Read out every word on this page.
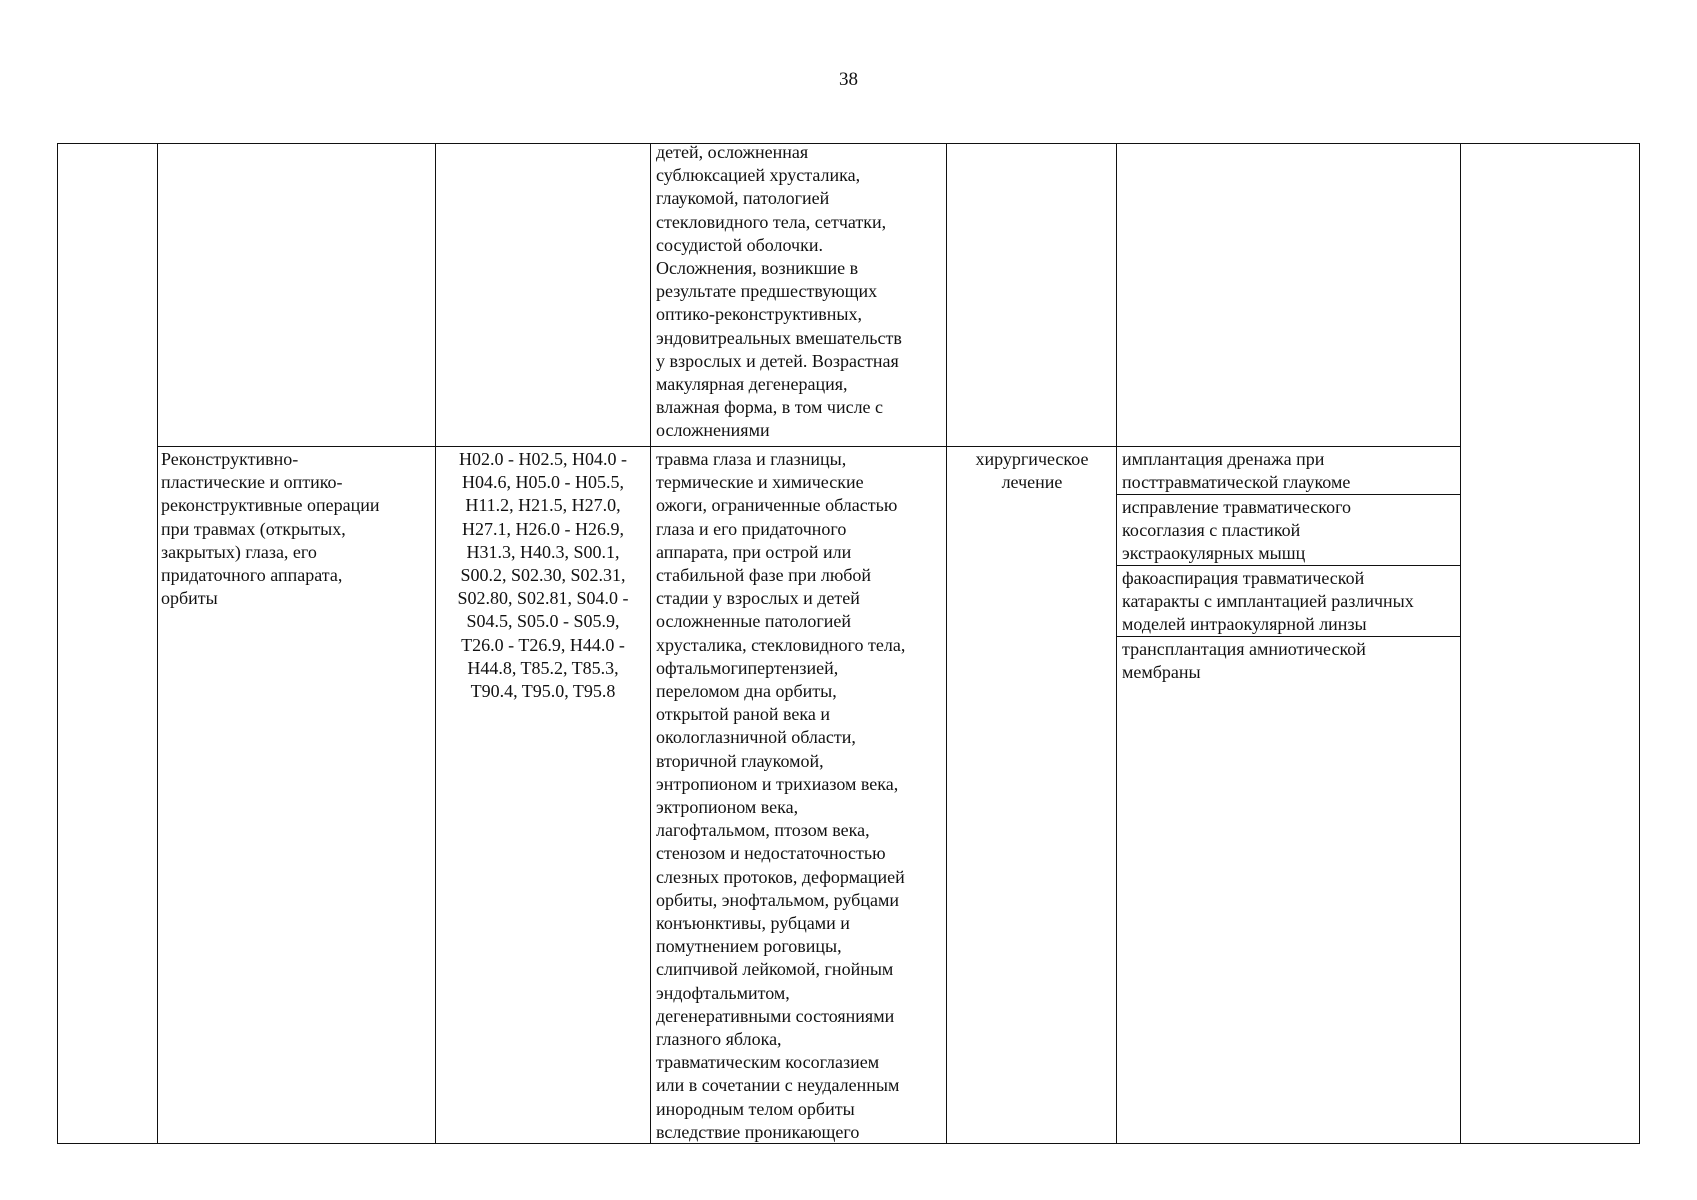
38
детей, осложненная
сублюксацией хрусталика,
глаукомой, патологией
стекловидного тела, сетчатки,
сосудистой оболочки.
Осложнения, возникшие в
результате предшествующих
оптико-реконструктивных,
эндовитреальных вмешательств
у взрослых и детей. Возрастная
макулярная дегенерация,
влажная форма, в том числе с
осложнениями
Реконструктивно-
пластические и оптико-
реконструктивные операции
при травмах (открытых,
закрытых) глаза, его
придаточного аппарата,
орбиты
H02.0 - H02.5, H04.0 -
H04.6, H05.0 - H05.5,
H11.2, H21.5, H27.0,
H27.1, H26.0 - H26.9,
H31.3, H40.3, S00.1,
S00.2, S02.30, S02.31,
S02.80, S02.81, S04.0 -
S04.5, S05.0 - S05.9,
T26.0 - T26.9, H44.0 -
H44.8, T85.2, T85.3,
T90.4, T95.0, T95.8
травма глаза и глазницы,
термические и химические
ожоги, ограниченные областью
глаза и его придаточного
аппарата, при острой или
стабильной фазе при любой
стадии у взрослых и детей
осложненные патологией
хрусталика, стекловидного тела,
офтальмогипертензией,
переломом дна орбиты,
открытой раной века и
окологлазничной области,
вторичной глаукомой,
энтропионом и трихиазом века,
эктропионом века,
лагофтальмом, птозом века,
стенозом и недостаточностью
слезных протоков, деформацией
орбиты, энофтальмом, рубцами
конъюнктивы, рубцами и
помутнением роговицы,
слипчивой лейкомой, гнойным
эндофтальмитом,
дегенеративными состояниями
глазного яблока,
травматическим косоглазием
или в сочетании с неудаленным
инородным телом орбиты
вследствие проникающего
хирургическое
лечение
имплантация дренажа при
посттравматической глаукоме
исправление травматического
косоглазия с пластикой
экстраокулярных мышц
факоаспирация травматической
катаракты с имплантацией различных
моделей интраокулярной линзы
трансплантация амниотической
мембраны
